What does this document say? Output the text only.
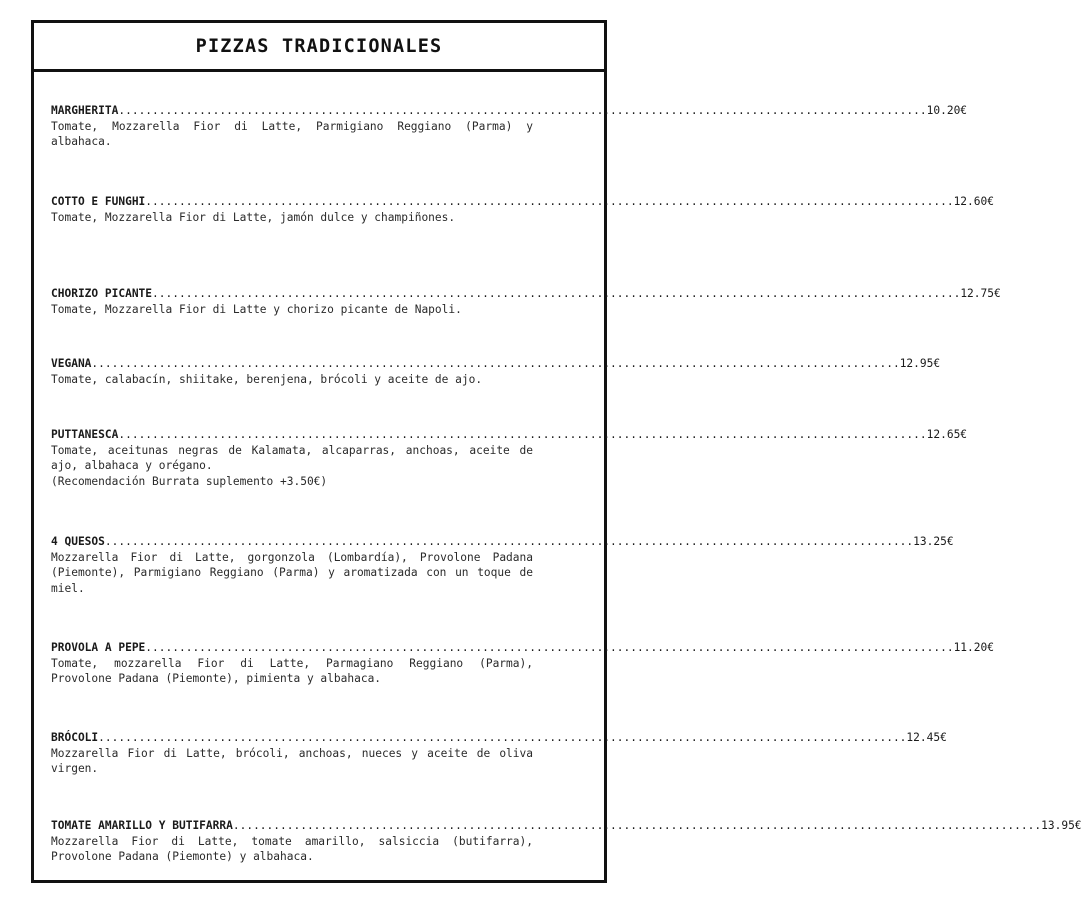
PIZZAS TRADICIONALES
MARGHERITA ........................................................................................................................ 10.20€
Tomate, Mozzarella Fior di Latte, Parmigiano Reggiano (Parma) y albahaca.
COTTO E FUNGHI ........................................................................................................................ 12.60€
Tomate, Mozzarella Fior di Latte, jamón dulce y champiñones.
CHORIZO PICANTE ........................................................................................................................ 12.75€
Tomate, Mozzarella Fior di Latte y chorizo picante de Napoli.
VEGANA ........................................................................................................................ 12.95€
Tomate, calabacín, shiitake, berenjena, brócoli y aceite de ajo.
PUTTANESCA ........................................................................................................................ 12.65€
Tomate, aceitunas negras de Kalamata, alcaparras, anchoas, aceite de ajo, albahaca y orégano.
(Recomendación Burrata suplemento +3.50€)
4 QUESOS ........................................................................................................................ 13.25€
Mozzarella Fior di Latte, gorgonzola (Lombardía), Provolone Padana (Piemonte), Parmigiano Reggiano (Parma) y aromatizada con un toque de miel.
PROVOLA A PEPE ........................................................................................................................ 11.20€
Tomate, mozzarella Fior di Latte, Parmagiano Reggiano (Parma), Provolone Padana (Piemonte), pimienta y albahaca.
BRÓCOLI ........................................................................................................................ 12.45€
Mozzarella Fior di Latte, brócoli, anchoas, nueces y aceite de oliva virgen.
TOMATE AMARILLO Y BUTIFARRA ........................................................................................................................ 13.95€
Mozzarella Fior di Latte, tomate amarillo, salsiccia (butifarra), Provolone Padana (Piemonte) y albahaca.
